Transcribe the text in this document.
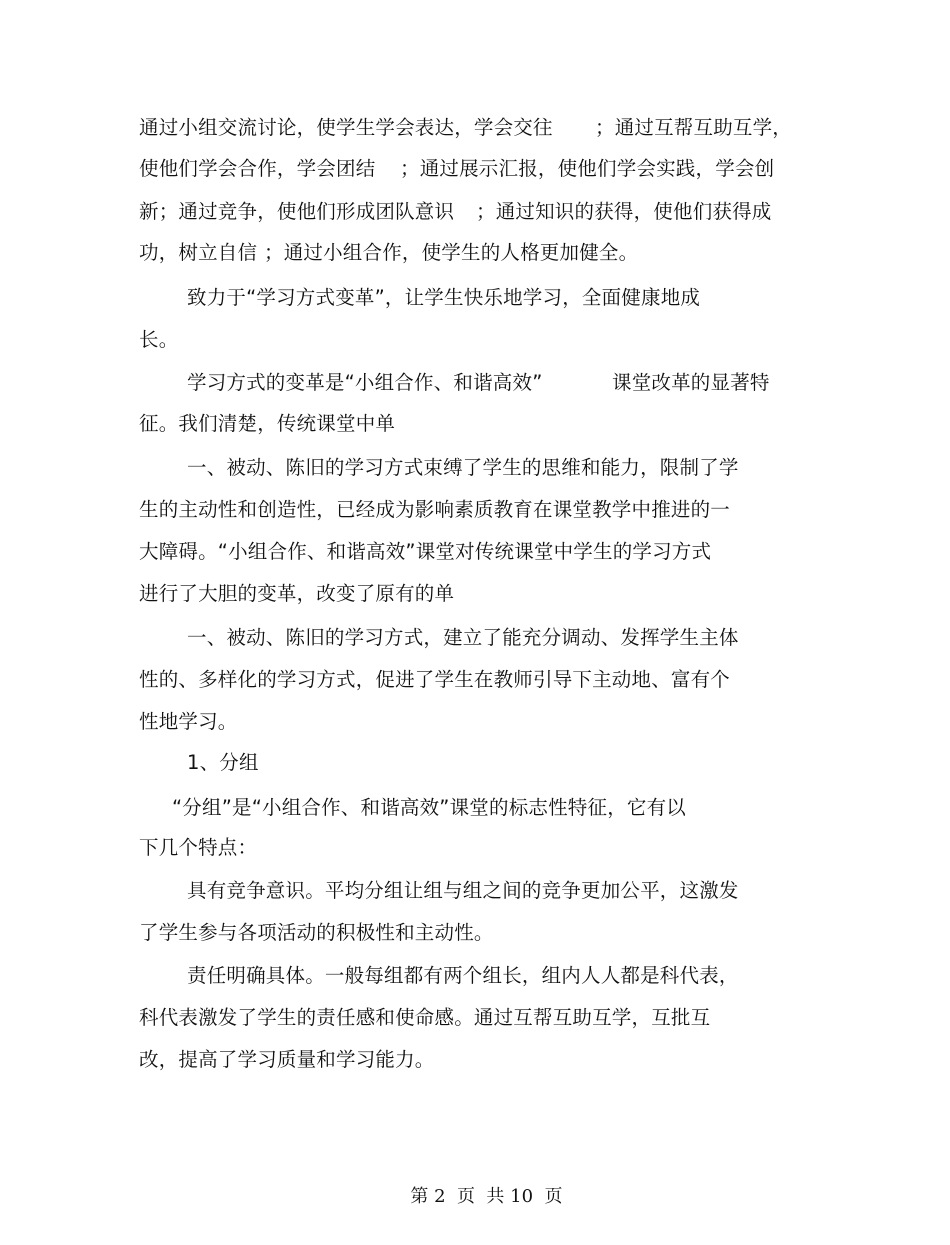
通过小组交流讨论，使学生学会表达，学会交往

；通过互帮互助互学，

使他们学会合作，学会团结

；通过展示汇报，使他们学会实践，学会创

新；通过竞争，使他们形成团队意识

；通过知识的获得，使他们获得成

功，树立自信

；通过小组合作，使学生的人格更加健全。

致力于“学习方式变革”，让学生快乐地学习，全面健康地成

长。

学习方式的变革是“小组合作、和谐高效”

	课堂改革的显著特

征。我们清楚，传统课堂中单

一、被动、陈旧的学习方式束缚了学生的思维和能力，限制了学

生的主动性和创造性，已经成为影响素质教育在课堂教学中推进的一

大障碍。“小组合作、和谐高效”课堂对传统课堂中学生的学习方式

进行了大胆的变革，改变了原有的单

一、被动、陈旧的学习方式，建立了能充分调动、发挥学生主体

性的、多样化的学习方式，促进了学生在教师引导下主动地、富有个

性地学习。

1、分组

“分组”是“小组合作、和谐高效”课堂的标志性特征，它有以

下几个特点：

具有竞争意识。平均分组让组与组之间的竞争更加公平，这激发

了学生参与各项活动的积极性和主动性。

责任明确具体。一般每组都有两个组长，组内人人都是科代表，

科代表激发了学生的责任感和使命感。通过互帮互助互学，互批互

改，提高了学习质量和学习能力。

第 2  页  共 10  页
